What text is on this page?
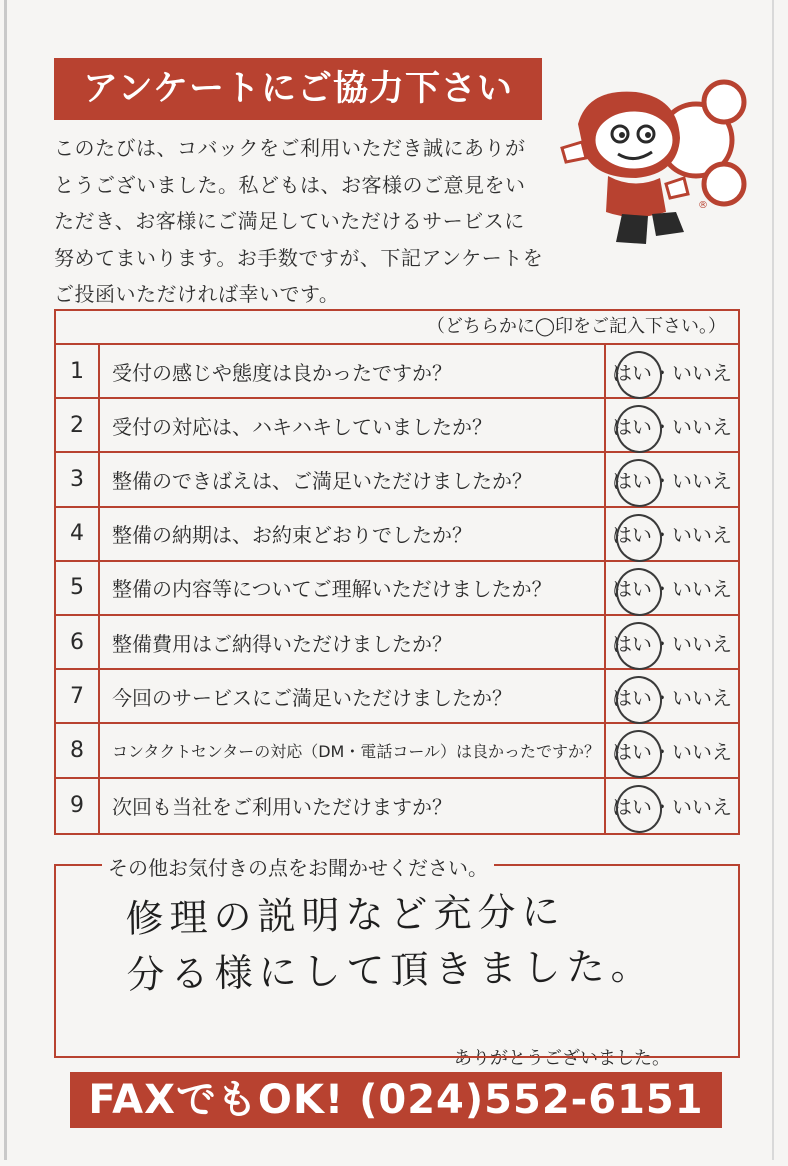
アンケートにご協力下さい
このたびは、コバックをご利用いただき誠にありがとうございました。私どもは、お客様のご意見をいただき、お客様にご満足していただけるサービスに努めてまいります。お手数ですが、下記アンケートをご投函いただければ幸いです。
®
（どちらかに◯印をご記入下さい。）
1	受付の感じや態度は良かったですか？	はい・いいえ
2	受付の対応は、ハキハキしていましたか？	はい・いいえ
3	整備のできばえは、ご満足いただけましたか？	はい・いいえ
4	整備の納期は、お約束どおりでしたか？	はい・いいえ
5	整備の内容等についてご理解いただけましたか？	はい・いいえ
6	整備費用はご納得いただけましたか？	はい・いいえ
7	今回のサービスにご満足いただけましたか？	はい・いいえ
8	コンタクトセンターの対応（DM・電話コール）は良かったですか？ はい・いいえ
9	次回も当社をご利用いただけますか？	はい・いいえ
その他お気付きの点をお聞かせください。
修理の説明など充分に
分る様にして頂きました。
ありがとうございました。
FAXでもOK! (024)552-6151
